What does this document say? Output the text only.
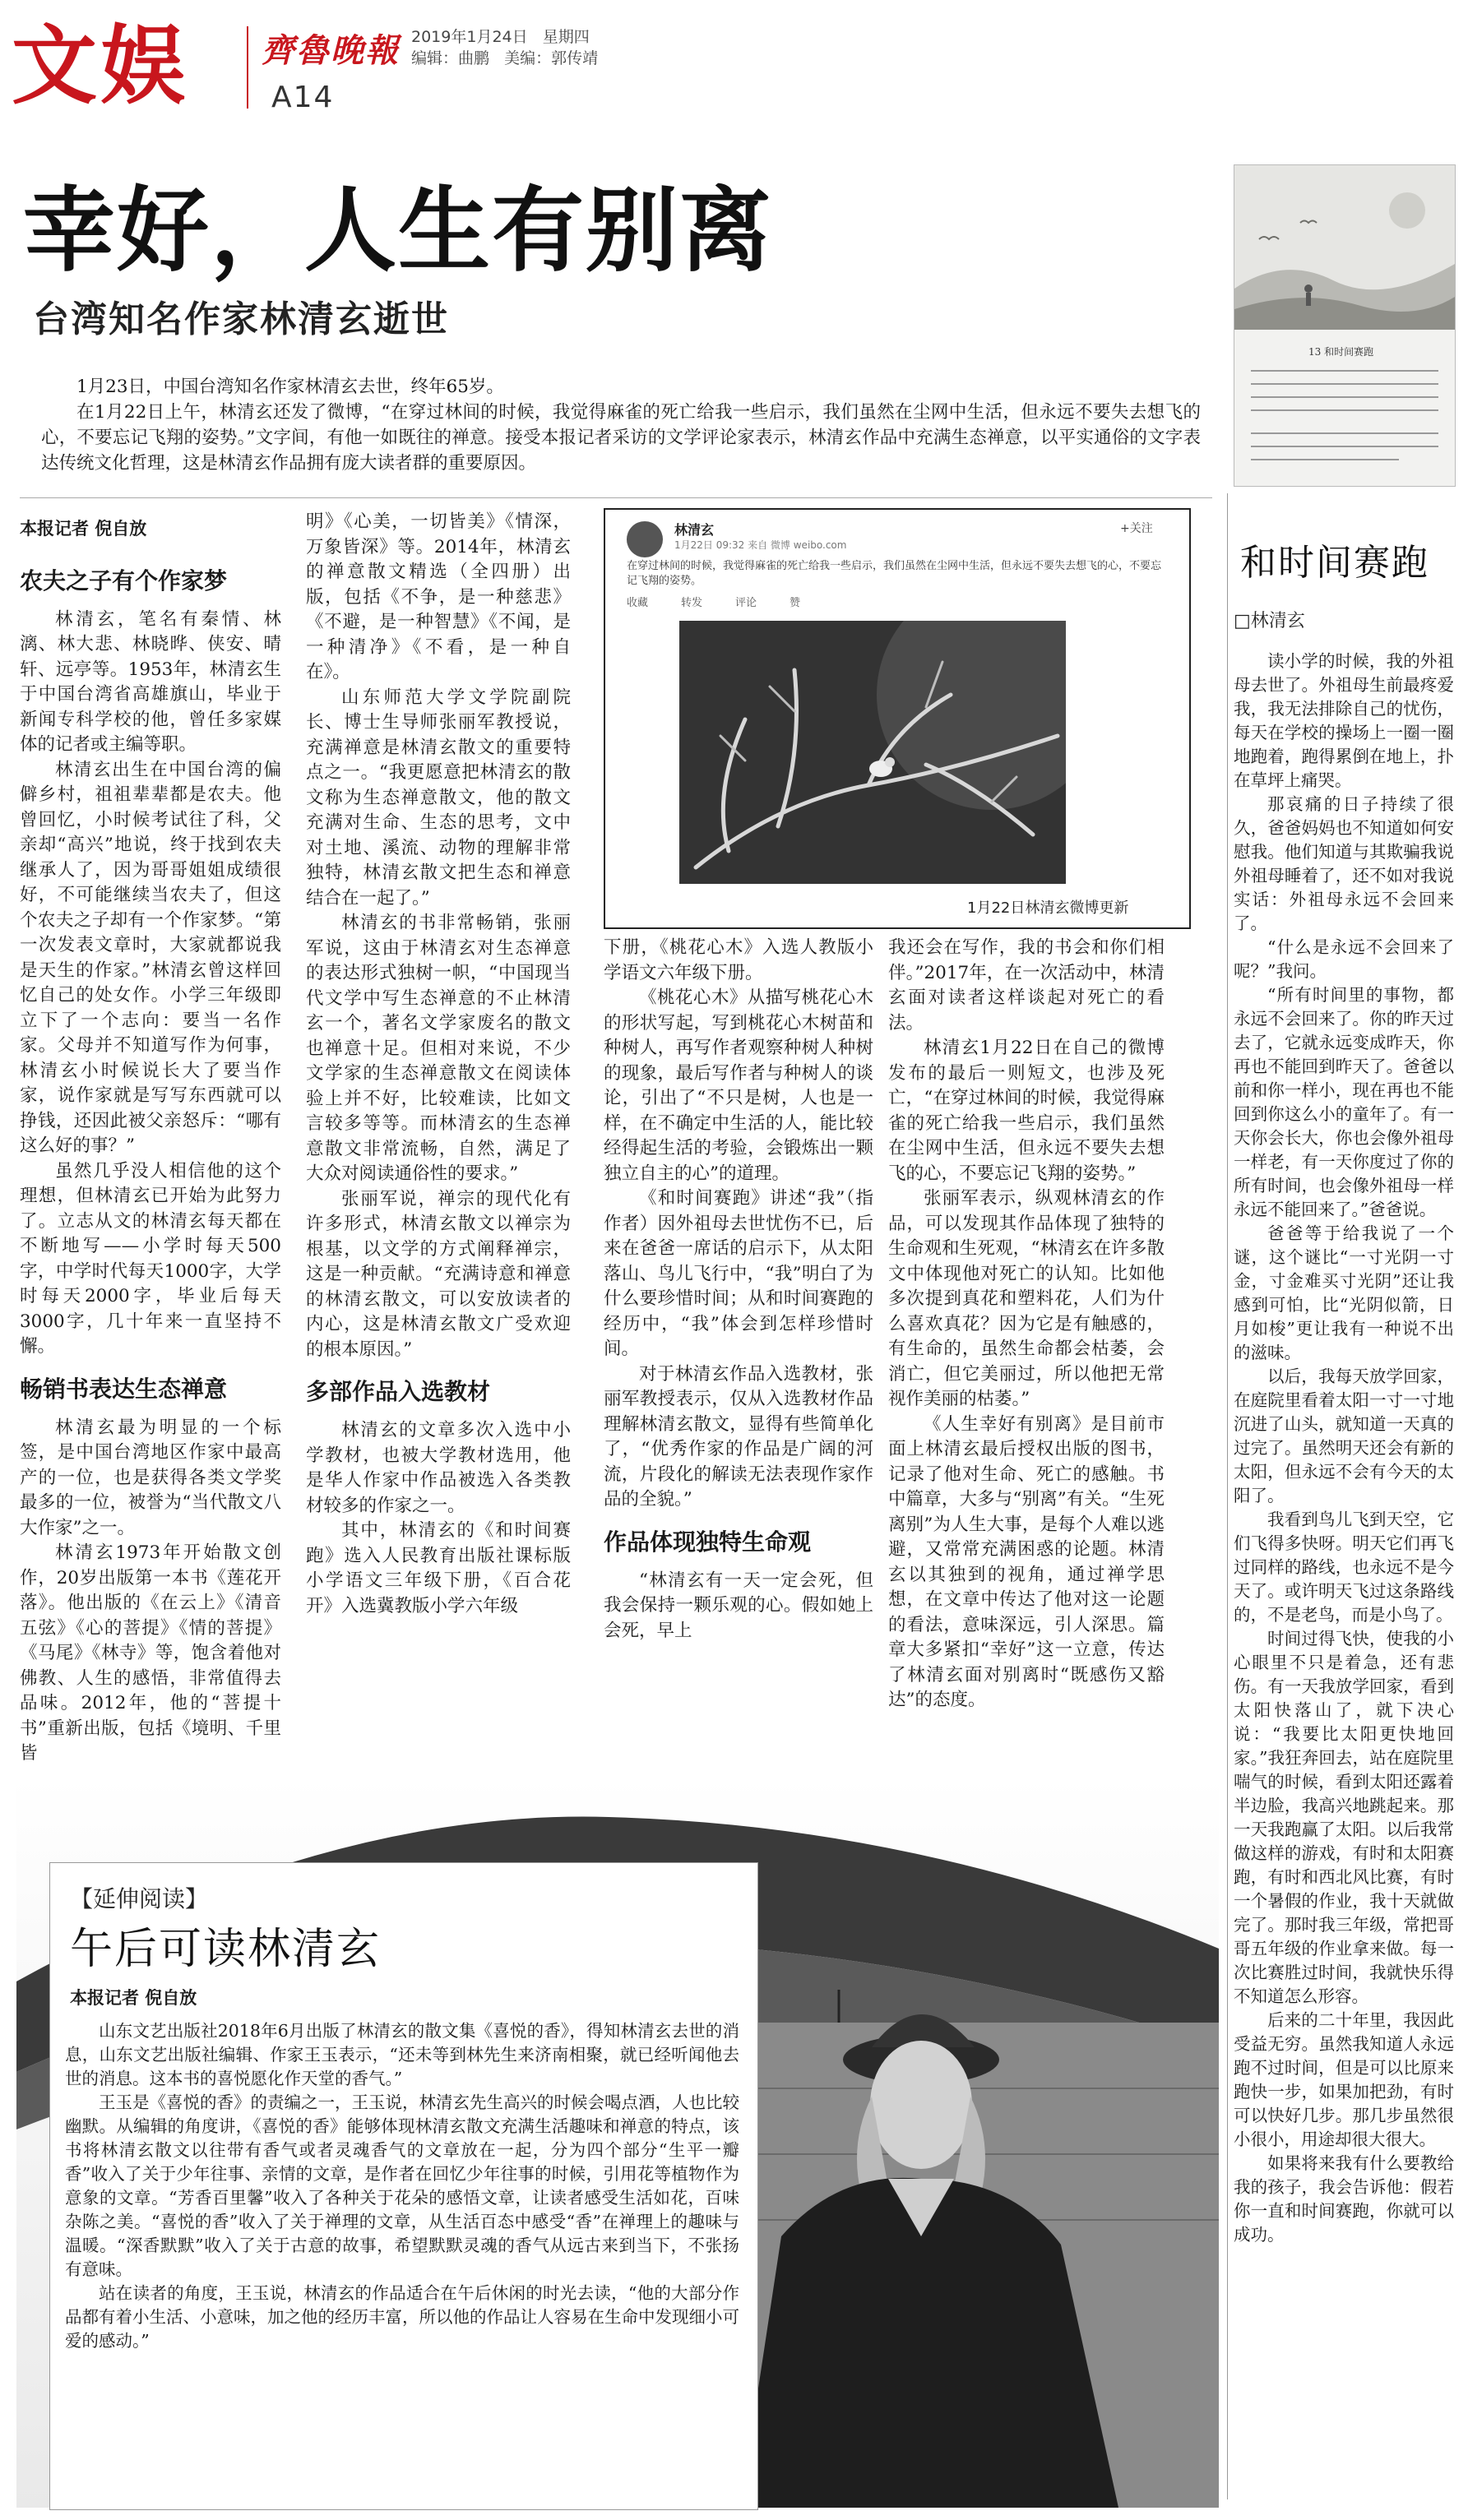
文娱 齊魯晚報 2019年1月24日 星期四
编辑：曲鹏 美编：郭传靖
A14
幸好，人生有别离
台湾知名作家林清玄逝世
13 和时间赛跑

1月23日，中国台湾知名作家林清玄去世，终年65岁。

在1月22日上午，林清玄还发了微博，“在穿过林间的时候，我觉得麻雀的死亡给我一些启示，我们虽然在尘网中生活，但永远不要失去想飞的心，不要忘记飞翔的姿势。”文字间，有他一如既往的禅意。接受本报记者采访的文学评论家表示，林清玄作品中充满生态禅意，以平实通俗的文字表达传统文化哲理，这是林清玄作品拥有庞大读者群的重要原因。

本报记者 倪自放
农夫之子有个作家梦

林清玄，笔名有秦情、林漓、林大悲、林晓晔、侠安、晴轩、远亭等。1953年，林清玄生于中国台湾省高雄旗山，毕业于新闻专科学校的他，曾任多家媒体的记者或主编等职。

林清玄出生在中国台湾的偏僻乡村，祖祖辈辈都是农夫。他曾回忆，小时候考试往了科，父亲却“高兴”地说，终于找到农夫继承人了，因为哥哥姐姐成绩很好，不可能继续当农夫了，但这个农夫之子却有一个作家梦。“第一次发表文章时，大家就都说我是天生的作家。”林清玄曾这样回忆自己的处女作。小学三年级即立下了一个志向：要当一名作家。父母并不知道写作为何事，林清玄小时候说长大了要当作家，说作家就是写写东西就可以挣钱，还因此被父亲怒斥：“哪有这么好的事？”

虽然几乎没人相信他的这个理想，但林清玄已开始为此努力了。立志从文的林清玄每天都在不断地写——小学时每天500字，中学时代每天1000字，大学时每天2000字，毕业后每天3000字，几十年来一直坚持不懈。

畅销书表达生态禅意

林清玄最为明显的一个标签，是中国台湾地区作家中最高产的一位，也是获得各类文学奖最多的一位，被誉为“当代散文八大作家”之一。

林清玄1973年开始散文创作，20岁出版第一本书《莲花开落》。他出版的《在云上》《清音五弦》《心的菩提》《情的菩提》《马尾》《林寺》等，饱含着他对佛教、人生的感悟，非常值得去品味。2012年，他的“菩提十书”重新出版，包括《境明、千里皆

明》《心美，一切皆美》《情深，万象皆深》等。2014年，林清玄的禅意散文精选（全四册）出版，包括《不争，是一种慈悲》《不避，是一种智慧》《不闻，是一种清净》《不看，是一种自在》。

山东师范大学文学院副院长、博士生导师张丽军教授说，充满禅意是林清玄散文的重要特点之一。“我更愿意把林清玄的散文称为生态禅意散文，他的散文充满对生命、生态的思考，文中对土地、溪流、动物的理解非常独特，林清玄散文把生态和禅意结合在一起了。”

林清玄的书非常畅销，张丽军说，这由于林清玄对生态禅意的表达形式独树一帜，“中国现当代文学中写生态禅意的不止林清玄一个，著名文学家废名的散文也禅意十足。但相对来说，不少文学家的生态禅意散文在阅读体验上并不好，比较难读，比如文言较多等等。而林清玄的生态禅意散文非常流畅，自然，满足了大众对阅读通俗性的要求。”

张丽军说，禅宗的现代化有许多形式，林清玄散文以禅宗为根基，以文学的方式阐释禅宗，这是一种贡献。“充满诗意和禅意的林清玄散文，可以安放读者的内心，这是林清玄散文广受欢迎的根本原因。”

多部作品入选教材

林清玄的文章多次入选中小学教材，也被大学教材选用，他是华人作家中作品被选入各类教材较多的作家之一。

其中，林清玄的《和时间赛跑》选入人民教育出版社课标版小学语文三年级下册，《百合花开》入选冀教版小学六年级

林清玄	+关注
1月22日 09:32 来自 微博 weibo.com
在穿过林间的时候，我觉得麻雀的死亡给我一些启示，我们虽然在尘网中生活，但永远不要失去想飞的心，不要忘记飞翔的姿势。
收藏	转发	评论	赞
1月22日林清玄微博更新

下册，《桃花心木》入选人教版小学语文六年级下册。

《桃花心木》从描写桃花心木的形状写起，写到桃花心木树苗和种树人，再写作者观察种树人种树的现象，最后写作者与种树人的谈论，引出了“不只是树，人也是一样，在不确定中生活的人，能比较经得起生活的考验，会锻炼出一颗独立自主的心”的道理。

《和时间赛跑》讲述“我”（指作者）因外祖母去世忧伤不已，后来在爸爸一席话的启示下，从太阳落山、鸟儿飞行中，“我”明白了为什么要珍惜时间；从和时间赛跑的经历中，“我”体会到怎样珍惜时间。

对于林清玄作品入选教材，张丽军教授表示，仅从入选教材作品理解林清玄散文，显得有些简单化了，“优秀作家的作品是广阔的河流，片段化的解读无法表现作家作品的全貌。”

作品体现独特生命观

“林清玄有一天一定会死，但我会保持一颗乐观的心。假如她上会死，早上

我还会在写作，我的书会和你们相伴。”2017年，在一次活动中，林清玄面对读者这样谈起对死亡的看法。

林清玄1月22日在自己的微博发布的最后一则短文，也涉及死亡，“在穿过林间的时候，我觉得麻雀的死亡给我一些启示，我们虽然在尘网中生活，但永远不要失去想飞的心，不要忘记飞翔的姿势。”

张丽军表示，纵观林清玄的作品，可以发现其作品体现了独特的生命观和生死观，“林清玄在许多散文中体现他对死亡的认知。比如他多次提到真花和塑料花，人们为什么喜欢真花？因为它是有触感的，有生命的，虽然生命都会枯萎，会消亡，但它美丽过，所以他把无常视作美丽的枯萎。”

《人生幸好有别离》是目前市面上林清玄最后授权出版的图书，记录了他对生命、死亡的感触。书中篇章，大多与“别离”有关。“生死离别”为人生大事，是每个人难以逃避，又常常充满困惑的论题。林清玄以其独到的视角，通过禅学思想，在文章中传达了他对这一论题的看法，意味深远，引人深思。篇章大多紧扣“幸好”这一立意，传达了林清玄面对别离时“既感伤又豁达”的态度。

【延伸阅读】
午后可读林清玄
本报记者 倪自放

山东文艺出版社2018年6月出版了林清玄的散文集《喜悦的香》，得知林清玄去世的消息，山东文艺出版社编辑、作家王玉表示，“还未等到林先生来济南相聚，就已经听闻他去世的消息。这本书的喜悦愿化作天堂的香气。”

王玉是《喜悦的香》的责编之一，王玉说，林清玄先生高兴的时候会喝点酒，人也比较幽默。从编辑的角度讲，《喜悦的香》能够体现林清玄散文充满生活趣味和禅意的特点，该书将林清玄散文以往带有香气或者灵魂香气的文章放在一起，分为四个部分“生平一瓣香”收入了关于少年往事、亲情的文章，是作者在回忆少年往事的时候，引用花等植物作为意象的文章。“芳香百里馨”收入了各种关于花朵的感悟文章，让读者感受生活如花，百味杂陈之美。“喜悦的香”收入了关于禅理的文章，从生活百态中感受“香”在禅理上的趣味与温暖。“深香默默”收入了关于古意的故事，希望默默灵魂的香气从远古来到当下，不张扬有意味。

站在读者的角度，王玉说，林清玄的作品适合在午后休闲的时光去读，“他的大部分作品都有着小生活、小意味，加之他的经历丰富，所以他的作品让人容易在生命中发现细小可爱的感动。”

和时间赛跑
□林清玄

读小学的时候，我的外祖母去世了。外祖母生前最疼爱我，我无法排除自己的忧伤，每天在学校的操场上一圈一圈地跑着，跑得累倒在地上，扑在草坪上痛哭。

那哀痛的日子持续了很久，爸爸妈妈也不知道如何安慰我。他们知道与其欺骗我说外祖母睡着了，还不如对我说实话：外祖母永远不会回来了。

“什么是永远不会回来了呢？”我问。

“所有时间里的事物，都永远不会回来了。你的昨天过去了，它就永远变成昨天，你再也不能回到昨天了。爸爸以前和你一样小，现在再也不能回到你这么小的童年了。有一天你会长大，你也会像外祖母一样老，有一天你度过了你的所有时间，也会像外祖母一样永远不能回来了。”爸爸说。

爸爸等于给我说了一个谜，这个谜比“一寸光阴一寸金，寸金难买寸光阴”还让我感到可怕，比“光阴似箭，日月如梭”更让我有一种说不出的滋味。

以后，我每天放学回家，在庭院里看着太阳一寸一寸地沉进了山头，就知道一天真的过完了。虽然明天还会有新的太阳，但永远不会有今天的太阳了。

我看到鸟儿飞到天空，它们飞得多快呀。明天它们再飞过同样的路线，也永远不是今天了。或许明天飞过这条路线的，不是老鸟，而是小鸟了。

时间过得飞快，使我的小心眼里不只是着急，还有悲伤。有一天我放学回家，看到太阳快落山了，就下决心说：“我要比太阳更快地回家。”我狂奔回去，站在庭院里喘气的时候，看到太阳还露着半边脸，我高兴地跳起来。那一天我跑赢了太阳。以后我常做这样的游戏，有时和太阳赛跑，有时和西北风比赛，有时一个暑假的作业，我十天就做完了。那时我三年级，常把哥哥五年级的作业拿来做。每一次比赛胜过时间，我就快乐得不知道怎么形容。

后来的二十年里，我因此受益无穷。虽然我知道人永远跑不过时间，但是可以比原来跑快一步，如果加把劲，有时可以快好几步。那几步虽然很小很小，用途却很大很大。

如果将来我有什么要教给我的孩子，我会告诉他：假若你一直和时间赛跑，你就可以成功。
